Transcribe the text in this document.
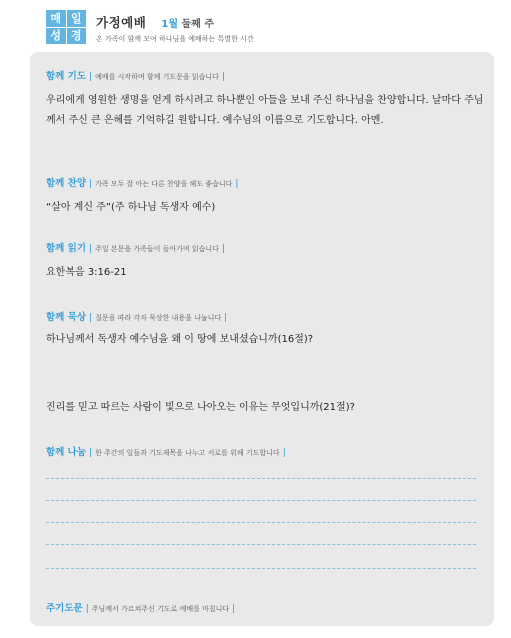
매 일
성 경
가정예배 1월 둘째 주
온 가족이 함께 모여 하나님을 예배하는 특별한 시간
함께 기도 | 예배를 시작하며 함께 기도문을 읽습니다 |
우리에게 영원한 생명을 얻게 하시려고 하나뿐인 아들을 보내 주신 하나님을 찬양합니다. 날마다 주님께서 주신 큰 은혜를 기억하길 원합니다. 예수님의 이름으로 기도합니다. 아멘.
함께 찬양 | 가족 모두 잘 아는 다른 찬양을 해도 좋습니다 |
“살아 계신 주”(주 하나님 독생자 예수)
함께 읽기 | 주일 본문을 가족들이 돌아가며 읽습니다 |
요한복음 3:16-21
함께 묵상 | 질문을 따라 각자 묵상한 내용을 나눕니다 |
하나님께서 독생자 예수님을 왜 이 땅에 보내셨습니까(16절)?
진리를 믿고 따르는 사람이 빛으로 나아오는 이유는 무엇입니까(21절)?
함께 나눔 | 한 주간의 일들과 기도제목을 나누고 서로를 위해 기도합니다 |
주기도문 | 주님께서 가르쳐주신 기도로 예배를 마칩니다 |
